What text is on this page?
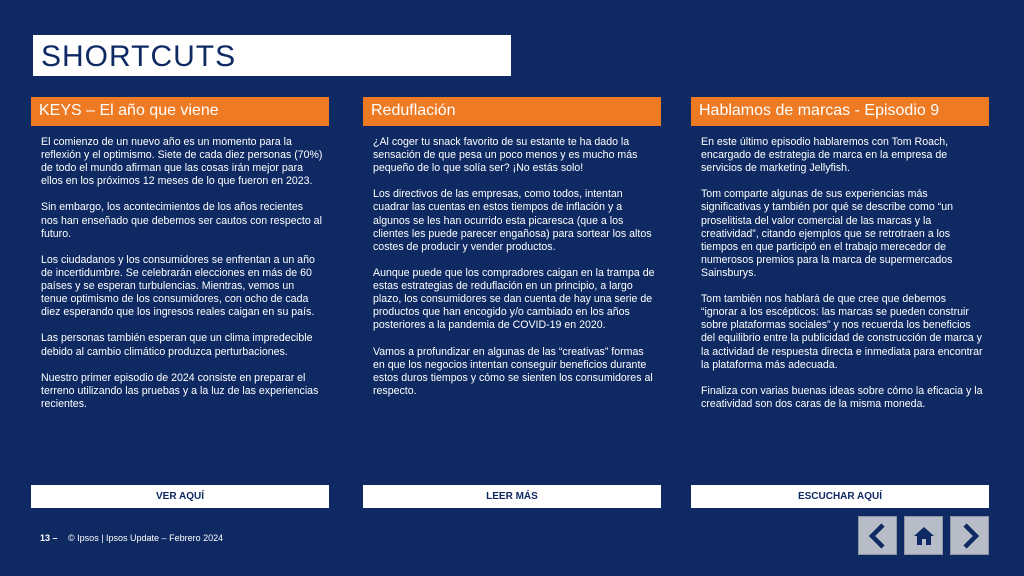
SHORTCUTS
KEYS – El año que viene

El comienzo de un nuevo año es un momento para la reflexión y el optimismo. Siete de cada diez personas (70%) de todo el mundo afirman que las cosas irán mejor para ellos en los próximos 12 meses de lo que fueron en 2023.

Sin embargo, los acontecimientos de los años recientes nos han enseñado que debemos ser cautos con respecto al futuro.

Los ciudadanos y los consumidores se enfrentan a un año de incertidumbre. Se celebrarán elecciones en más de 60 países y se esperan turbulencias. Mientras, vemos un tenue optimismo de los consumidores, con ocho de cada diez esperando que los ingresos reales caigan en su país.

Las personas también esperan que un clima impredecible debido al cambio climático produzca perturbaciones.

Nuestro primer episodio de 2024 consiste en preparar el terreno utilizando las pruebas y a la luz de las experiencias recientes.

VER AQUÍ
Reduflación

¿Al coger tu snack favorito de su estante te ha dado la sensación de que pesa un poco menos y es mucho más pequeño de lo que solía ser? ¡No estás solo!

Los directivos de las empresas, como todos, intentan cuadrar las cuentas en estos tiempos de inflación y a algunos se les han ocurrido esta picaresca (que a los clientes les puede parecer engañosa) para sortear los altos costes de producir y vender productos.

Aunque puede que los compradores caigan en la trampa de estas estrategias de reduflación en un principio, a largo plazo, los consumidores se dan cuenta de hay una serie de productos que han encogido y/o cambiado en los años posteriores a la pandemia de COVID-19 en 2020.

Vamos a profundizar en algunas de las “creativas” formas en que los negocios intentan conseguir beneficios durante estos duros tiempos y cómo se sienten los consumidores al respecto.

LEER MÁS
Hablamos de marcas - Episodio 9

En este último episodio hablaremos con Tom Roach, encargado de estrategia de marca en la empresa de servicios de marketing Jellyfish.

Tom comparte algunas de sus experiencias más significativas y también por qué se describe como “un proselitista del valor comercial de las marcas y la creatividad”, citando ejemplos que se retrotraen a los tiempos en que participó en el trabajo merecedor de numerosos premios para la marca de supermercados Sainsburys.

Tom también nos hablará de que cree que debemos “ignorar a los escépticos: las marcas se pueden construir sobre plataformas sociales” y nos recuerda los beneficios del equilibrio entre la publicidad de construcción de marca y la actividad de respuesta directa e inmediata para encontrar la plataforma más adecuada.

Finaliza con varias buenas ideas sobre cómo la eficacia y la creatividad son dos caras de la misma moneda.

ESCUCHAR AQUÍ
13 – © Ipsos | Ipsos Update – Febrero 2024
